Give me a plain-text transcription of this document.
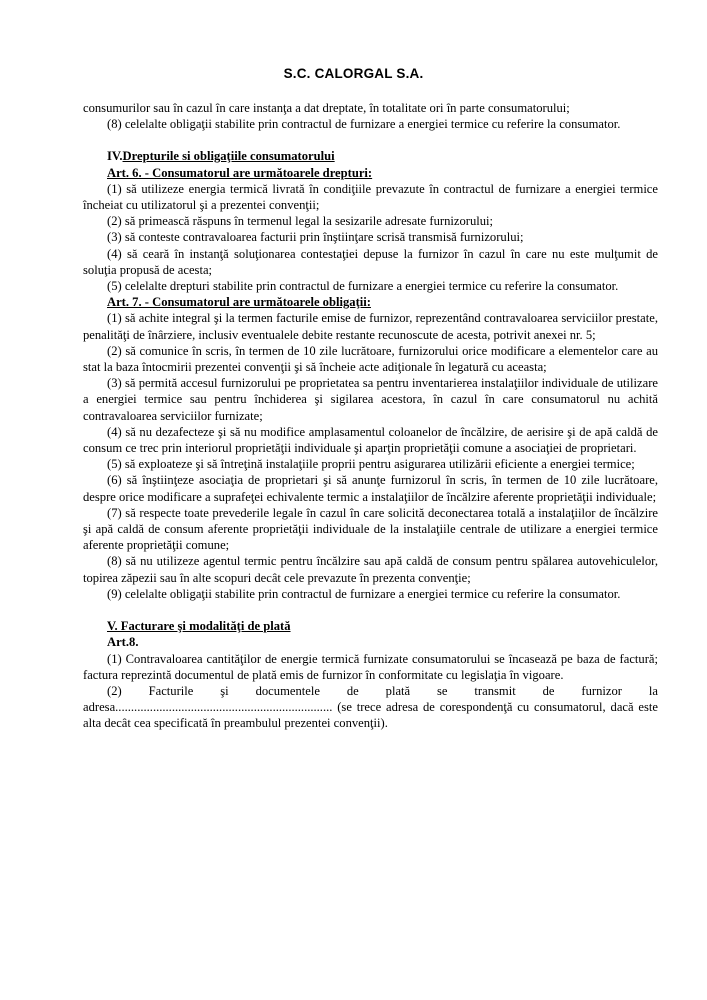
S.C. CALORGAL S.A.

consumurilor sau în cazul în care instanţa a dat dreptate, în totalitate ori în parte consumatorului;

(8) celelalte obligaţii stabilite prin contractul de furnizare a energiei termice cu referire la consumator.

IV.Drepturile si obligaţiile consumatorului

Art. 6. - Consumatorul are următoarele drepturi:

(1) să utilizeze energia termică livrată în condiţiile prevazute în contractul de furnizare a energiei termice încheiat cu utilizatorul şi a prezentei convenţii;

(2) să primească răspuns în termenul legal la sesizarile adresate furnizorului;

(3) să conteste contravaloarea facturii prin înştiinţare scrisă transmisă furnizorului;

(4) să ceară în instanţă soluţionarea contestaţiei depuse la furnizor în cazul în care nu este mulţumit de soluţia propusă de acesta;

(5) celelalte drepturi stabilite prin contractul de furnizare a energiei termice cu referire la consumator.

Art. 7. - Consumatorul are următoarele obligaţii:

(1) să achite integral şi la termen facturile emise de furnizor, reprezentând contravaloarea serviciilor prestate, penalităţi de înârziere, inclusiv eventualele debite restante recunoscute de acesta, potrivit anexei nr. 5;

(2) să comunice în scris, în termen de 10 zile lucrătoare, furnizorului orice modificare a elementelor care au stat la baza întocmirii prezentei convenţii şi să încheie acte adiţionale în legatură cu aceasta;

(3) să permită accesul furnizorului pe proprietatea sa pentru inventarierea instalaţiilor individuale de utilizare a energiei termice sau pentru închiderea şi sigilarea acestora, în cazul în care consumatorul nu achită contravaloarea serviciilor furnizate;

(4) să nu dezafecteze şi să nu modifice amplasamentul coloanelor de încălzire, de aerisire şi de apă caldă de consum ce trec prin interiorul proprietăţii individuale şi aparţin proprietăţii comune a asociaţiei de proprietari.

(5) să exploateze şi să întreţină instalaţiile proprii pentru asigurarea utilizării eficiente a energiei termice;

(6) să înştiinţeze asociaţia de proprietari şi să anunţe furnizorul în scris, în termen de 10 zile lucrătoare, despre orice modificare a suprafeţei echivalente termic a instalaţiilor de încălzire aferente proprietăţii individuale;

(7) să respecte toate prevederile legale în cazul în care solicită deconectarea totală a instalaţiilor de încălzire şi apă caldă de consum aferente proprietăţii individuale de la instalaţiile centrale de utilizare a energiei termice aferente proprietăţii comune;

(8) să nu utilizeze agentul termic pentru încălzire sau apă caldă de consum pentru spălarea autovehiculelor, topirea zăpezii sau în alte scopuri decât cele prevazute în prezenta convenţie;

(9) celelalte obligaţii stabilite prin contractul de furnizare a energiei termice cu referire la consumator.

V. Facturare şi modalităţi de plată

Art.8.

(1) Contravaloarea cantităţilor de energie termică furnizate consumatorului se încasează pe baza de factură; factura reprezintă documentul de plată emis de furnizor în conformitate cu legislaţia în vigoare.

(2) Facturile şi documentele de plată se transmit de furnizor la adresa..................................................................... (se trece adresa de corespondenţă cu consumatorul, dacă este alta decât cea specificată în preambulul prezentei convenţii).
